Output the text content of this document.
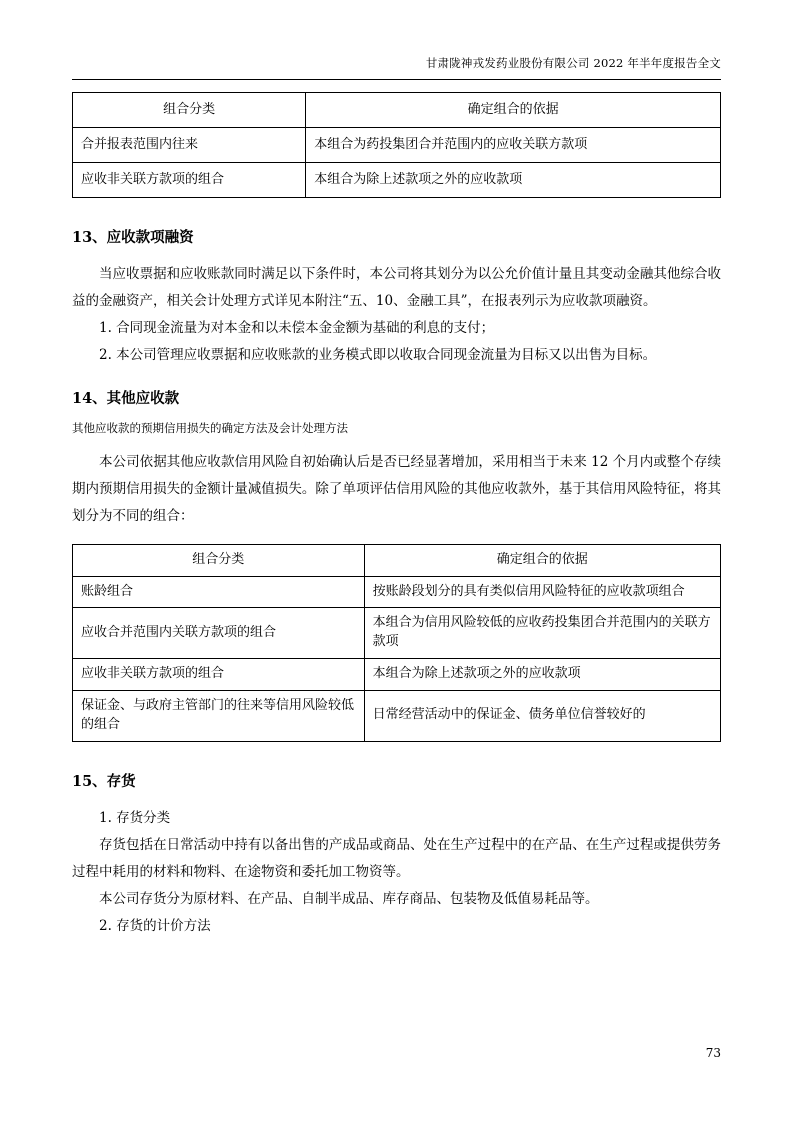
甘肃陇神戎发药业股份有限公司 2022 年半年度报告全文
组合分类	确定组合的依据
合并报表范围内往来	本组合为药投集团合并范围内的应收关联方款项
应收非关联方款项的组合	本组合为除上述款项之外的应收款项
13、应收款项融资

当应收票据和应收账款同时满足以下条件时，本公司将其划分为以公允价值计量且其变动金融其他综合收益的金融资产，相关会计处理方式详见本附注“五、10、金融工具”，在报表列示为应收款项融资。

1. 合同现金流量为对本金和以未偿本金金额为基础的利息的支付；

2. 本公司管理应收票据和应收账款的业务模式即以收取合同现金流量为目标又以出售为目标。

14、其他应收款

其他应收款的预期信用损失的确定方法及会计处理方法

本公司依据其他应收款信用风险自初始确认后是否已经显著增加，采用相当于未来 12 个月内或整个存续期内预期信用损失的金额计量减值损失。除了单项评估信用风险的其他应收款外，基于其信用风险特征，将其划分为不同的组合：

组合分类	确定组合的依据
账龄组合	按账龄段划分的具有类似信用风险特征的应收款项组合
应收合并范围内关联方款项的组合	本组合为信用风险较低的应收药投集团合并范围内的关联方款项
应收非关联方款项的组合	本组合为除上述款项之外的应收款项
保证金、与政府主管部门的往来等信用风险较低的组合	日常经营活动中的保证金、债务单位信誉较好的
15、存货

1. 存货分类

存货包括在日常活动中持有以备出售的产成品或商品、处在生产过程中的在产品、在生产过程或提供劳务过程中耗用的材料和物料、在途物资和委托加工物资等。

本公司存货分为原材料、在产品、自制半成品、库存商品、包装物及低值易耗品等。

2. 存货的计价方法

73
